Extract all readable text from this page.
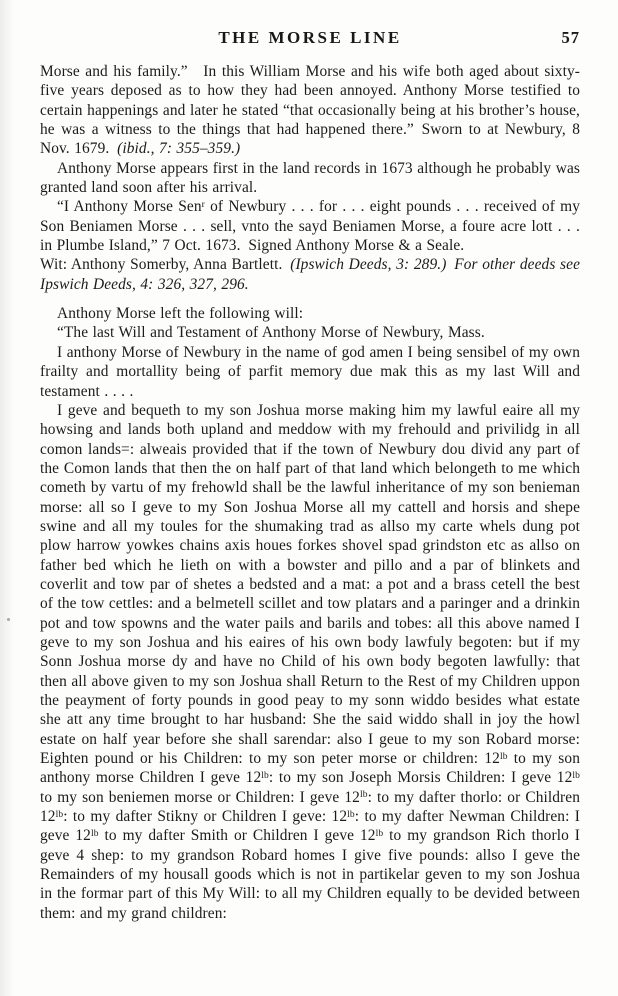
THE MORSE LINE	57

Morse and his family.”  In this William Morse and his wife both aged about sixty-five years deposed as to how they had been annoyed. Anthony Morse testified to certain happenings and later he stated “that occasionally being at his brother’s house, he was a witness to the things that had happened there.” Sworn to at Newbury, 8 Nov. 1679. (ibid., 7: 355–359.)

Anthony Morse appears first in the land records in 1673 although he probably was granted land soon after his arrival.

“I Anthony Morse Sen$^r$ of Newbury . . . for . . . eight pounds . . . received of my Son Beniamen Morse . . . sell, vnto the sayd Beniamen Morse, a foure acre lott . . . in Plumbe Island,” 7 Oct. 1673. Signed Anthony Morse & a Seale.

Wit: Anthony Somerby, Anna Bartlett. (Ipswich Deeds, 3: 289.)  For other deeds see Ipswich Deeds, 4: 326, 327, 296.

Anthony Morse left the following will:

“The last Will and Testament of Anthony Morse of Newbury, Mass.

I anthony Morse of Newbury in the name of god amen I being sensibel of my own frailty and mortallity being of parfit memory due mak this as my last Will and testament . . . .

I geve and bequeth to my son Joshua morse making him my lawful eaire all my howsing and lands both upland and meddow with my frehould and privilidg in all comon lands=: alweais provided that if the town of Newbury dou divid any part of the Comon lands that then the on half part of that land which belongeth to me which cometh by vartu of my frehowld shall be the lawful inheritance of my son benieman morse: all so I geve to my Son Joshua Morse all my cattell and horsis and shepe swine and all my toules for the shumaking trad as allso my carte whels dung pot plow harrow yowkes chains axis houes forkes shovel spad grindston etc as allso on father bed which he lieth on with a bowster and pillo and a par of blinkets and coverlit and tow par of shetes a bedsted and a mat: a pot and a brass cetell the best of the tow cettles: and a belmetell scillet and tow platars and a paringer and a drinkin pot and tow spowns and the water pails and barils and tobes: all this above named I geve to my son Joshua and his eaires of his own body lawfuly begoten: but if my Sonn Joshua morse dy and have no Child of his own body begoten lawfully: that then all above given to my son Joshua shall Return to the Rest of my Children uppon the peayment of forty pounds in good peay to my sonn widdo besides what estate she att any time brought to har husband: She the said widdo shall in joy the howl estate on half year before she shall sarendar: also I geue to my son Robard morse: Eighten pound or his Children: to my son peter morse or children: $12^{lb}$ to my son anthony morse Children I geve $12^{lb}$: to my son Joseph Morsis Children: I geve $12^{lb}$ to my son beniemen morse or Children: I geve $12^{lb}$: to my dafter thorlo: or Children $12^{lb}$: to my dafter Stikny or Children I geve: $12^{lb}$: to my dafter Newman Children: I geve $12^{lb}$ to my dafter Smith or Children I geve $12^{lb}$ to my grandson Rich thorlo I geve 4 shep: to my grandson Robard homes I give five pounds: allso I geve the Remainders of my housall goods which is not in partikelar geven to my son Joshua in the formar part of this My Will: to all my Children equally to be devided between them: and my grand children:
